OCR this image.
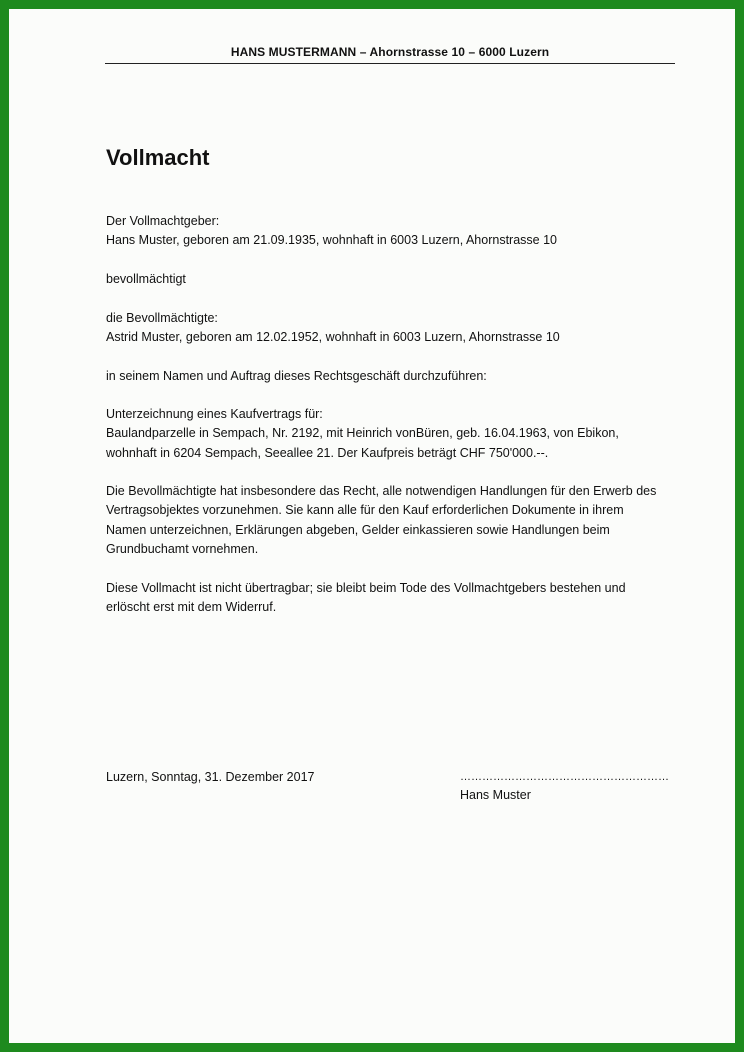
HANS MUSTERMANN – Ahornstrasse 10 – 6000 Luzern
Vollmacht

Der Vollmachtgeber:

Hans Muster, geboren am 21.09.1935, wohnhaft in 6003 Luzern, Ahornstrasse 10

bevollmächtigt

die Bevollmächtigte:

Astrid Muster, geboren am 12.02.1952, wohnhaft in 6003 Luzern, Ahornstrasse 10

in seinem Namen und Auftrag dieses Rechtsgeschäft durchzuführen:

Unterzeichnung eines Kaufvertrags für:

Baulandparzelle in Sempach, Nr. 2192, mit Heinrich vonBüren, geb. 16.04.1963, von Ebikon,

wohnhaft in 6204 Sempach, Seeallee 21. Der Kaufpreis beträgt CHF 750'000.--.

Die Bevollmächtigte hat insbesondere das Recht, alle notwendigen Handlungen für den Erwerb des

Vertragsobjektes vorzunehmen. Sie kann alle für den Kauf erforderlichen Dokumente in ihrem

Namen unterzeichnen, Erklärungen abgeben, Gelder einkassieren sowie Handlungen beim

Grundbuchamt vornehmen.

Diese Vollmacht ist nicht übertragbar; sie bleibt beim Tode des Vollmachtgebers bestehen und

erlöscht erst mit dem Widerruf.

Luzern, Sonntag, 31. Dezember 2017	…………………………………………………
Hans Muster
